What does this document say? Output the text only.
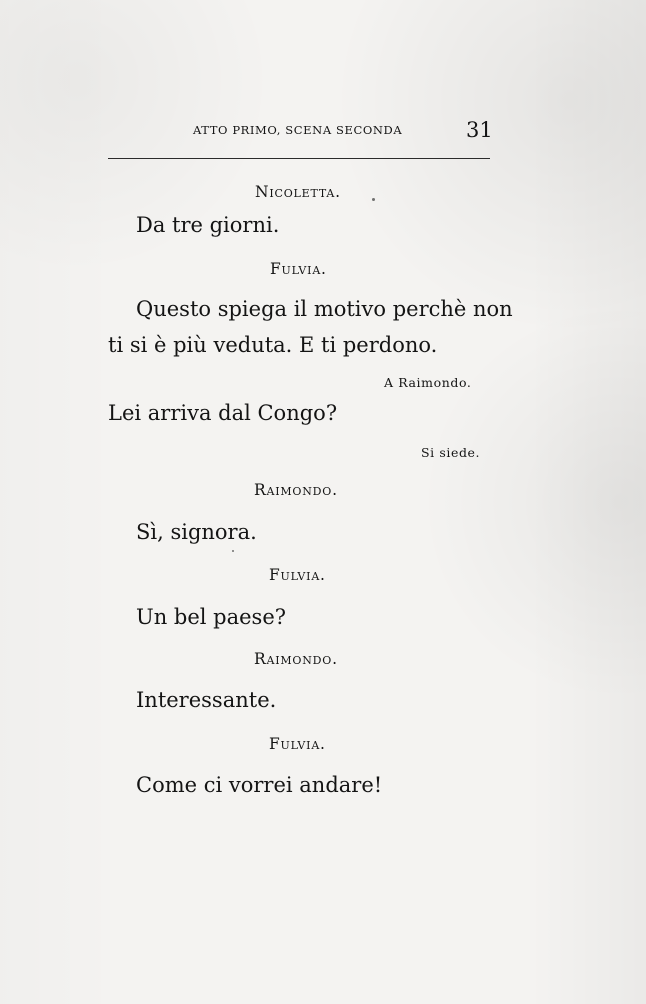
ATTO PRIMO, SCENA SECONDA	31
Nicoletta.
Da tre giorni.
Fulvia.
Questo spiega il motivo perchè non
ti si è più veduta. E ti perdono.
A Raimondo.
Lei arriva dal Congo?
Si siede.
Raimondo.
Sì, signora.
Fulvia.
Un bel paese?
Raimondo.
Interessante.
Fulvia.
Come ci vorrei andare!
